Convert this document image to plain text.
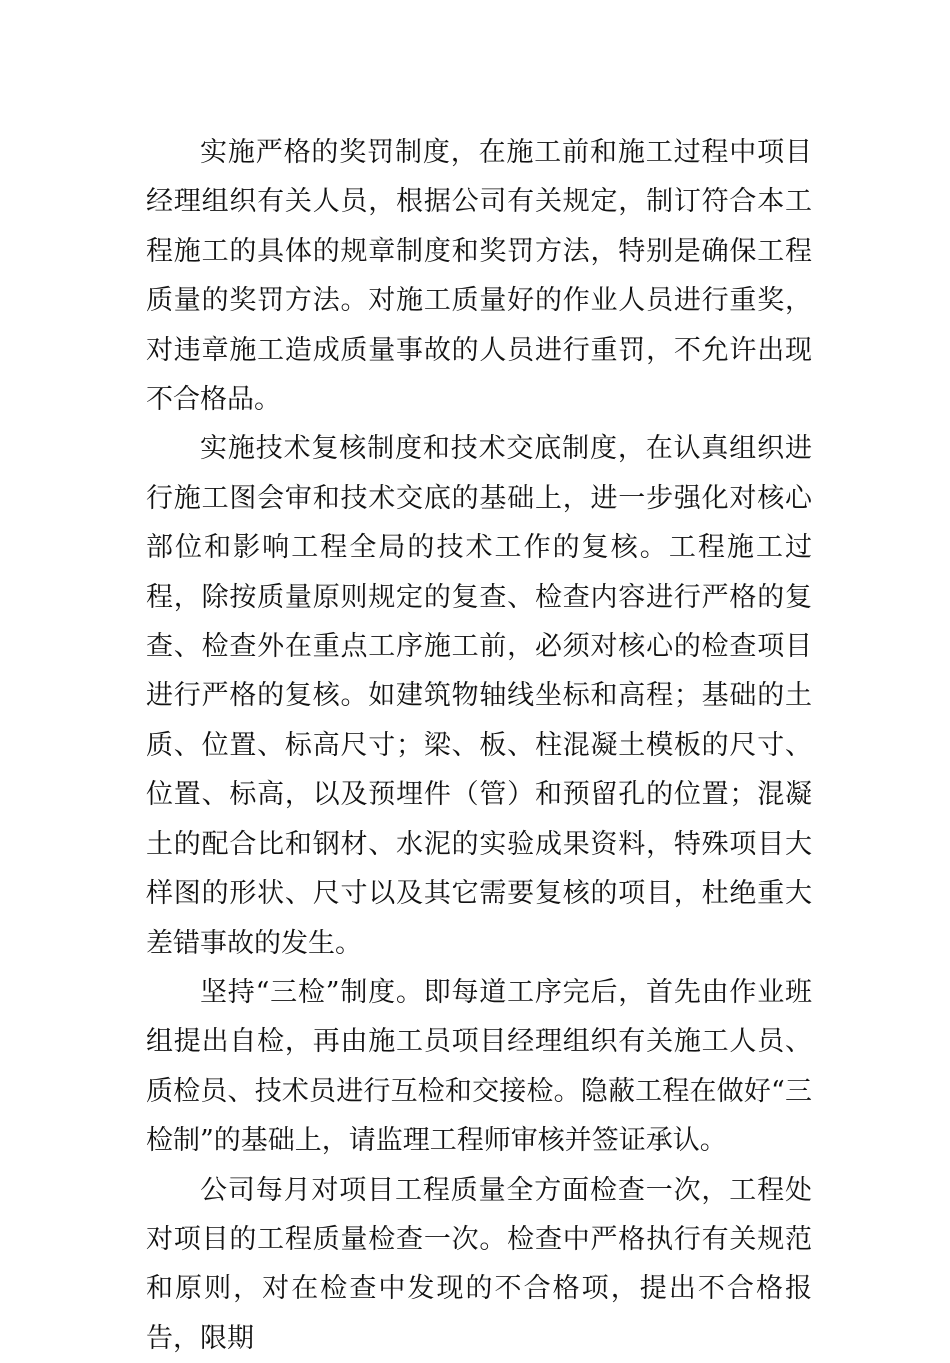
实施严格的奖罚制度，在施工前和施工过程中项目经理组织有关人员，根据公司有关规定，制订符合本工程施工的具体的规章制度和奖罚方法，特别是确保工程质量的奖罚方法。对施工质量好的作业人员进行重奖，对违章施工造成质量事故的人员进行重罚，不允许出现不合格品。

实施技术复核制度和技术交底制度，在认真组织进行施工图会审和技术交底的基础上，进一步强化对核心部位和影响工程全局的技术工作的复核。工程施工过程，除按质量原则规定的复查、检查内容进行严格的复查、检查外在重点工序施工前，必须对核心的检查项目进行严格的复核。如建筑物轴线坐标和高程；基础的土质、位置、标高尺寸；梁、板、柱混凝土模板的尺寸、位置、标高，以及预埋件（管）和预留孔的位置；混凝土的配合比和钢材、水泥的实验成果资料，特殊项目大样图的形状、尺寸以及其它需要复核的项目，杜绝重大差错事故的发生。

坚持“三检”制度。即每道工序完后，首先由作业班组提出自检，再由施工员项目经理组织有关施工人员、质检员、技术员进行互检和交接检。隐蔽工程在做好“三检制”的基础上，请监理工程师审核并签证承认。

公司每月对项目工程质量全方面检查一次，工程处对项目的工程质量检查一次。检查中严格执行有关规范和原则，对在检查中发现的不合格项，提出不合格报告，限期
